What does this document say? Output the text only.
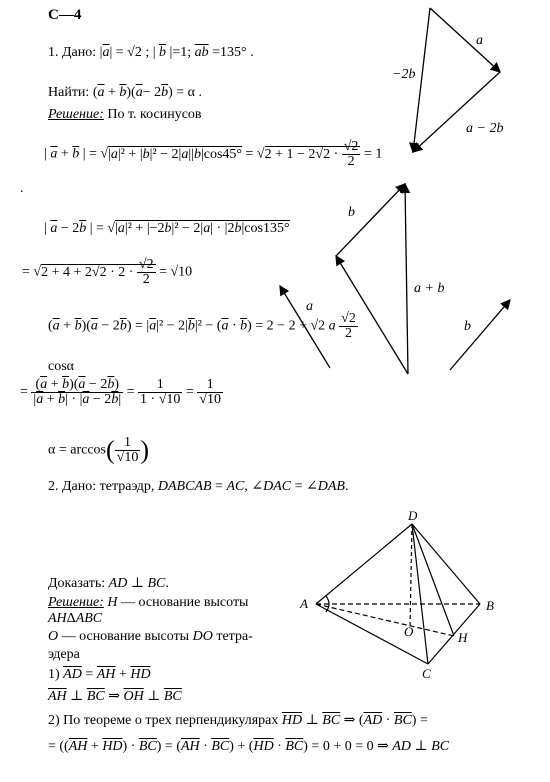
С—4
1. Дано: $|\overline{a}| = √2$ ; | $\overline{b}$ |=1; $\overline{ab} =135^\circ$ .
Найти: $(\overline{a} + \overline{b})(\overline{a}- 2\overline{b}) = \alpha$ .
Решение: По т. косинусов
| $\overline{a} + \overline{b}$ | = $√|\overline{a}|^2 + |\overline{b}|^2 - 2|\overline{a}||\overline{b}|\cos 45^\circ = √2 + 1 - 2√2 \cdot \frac{√2}{2} = 1$
.
| $\overline{a} - 2\overline{b}$ | = $√|\overline{a}|^2 + |-2\overline{b}|^2 - 2|\overline{a}| \cdot |2\overline{b}|\cos 135^\circ$
= $√2 + 4 + 2√2 \cdot 2 \cdot \frac{√2}{2} = √10$
$(\overline{a} + \overline{b})(\overline{a} - 2\overline{b}) = |\overline{a}|^2 - 2|\overline{b}|^2 - (\overline{a} \cdot \overline{b}) = 2 - 2 + √2$ a $\frac{√2}{2}$
cosα
= $\frac{(\overline{a} + \overline{b})(\overline{a} - 2\overline{b})}{|\overline{a} + \overline{b}| \cdot |\overline{a} - 2\overline{b}|} = \frac{1}{1 \cdot √10} = \frac{1}{√10}$
$\alpha = \arccos( \frac{1}{√10}$ )
2. Дано: тетраэдр, DABCAB = AC, ∠DAC = ∠DAB.
Доказать: AD ⊥ BC.
Решение: H — основание высоты
AHΔABC
O — основание высоты DO тетра-
эдера
1) $\overline{AD} = \overline{AH} + \overline{HD}$
$\overline{AH}$ ⊥ $\overline{BC}$ ⇒ $\overline{OH}$ ⊥ $\overline{BC}$
2) По теореме о трех перпендикулярах $\overline{HD}$ ⊥ $\overline{BC}$ ⇒ $(\overline{AD} \cdot \overline{BC})$ =
= $((\overline{AH} + \overline{HD}) \cdot \overline{BC}) = (\overline{AH} \cdot \overline{BC}) + (\overline{HD} \cdot \overline{BC}) = 0 + 0 = 0$ ⇒ AD ⊥ BC
a
−2b
a − 2b
b
a + b
a
b
D
A	B
C
H
O
